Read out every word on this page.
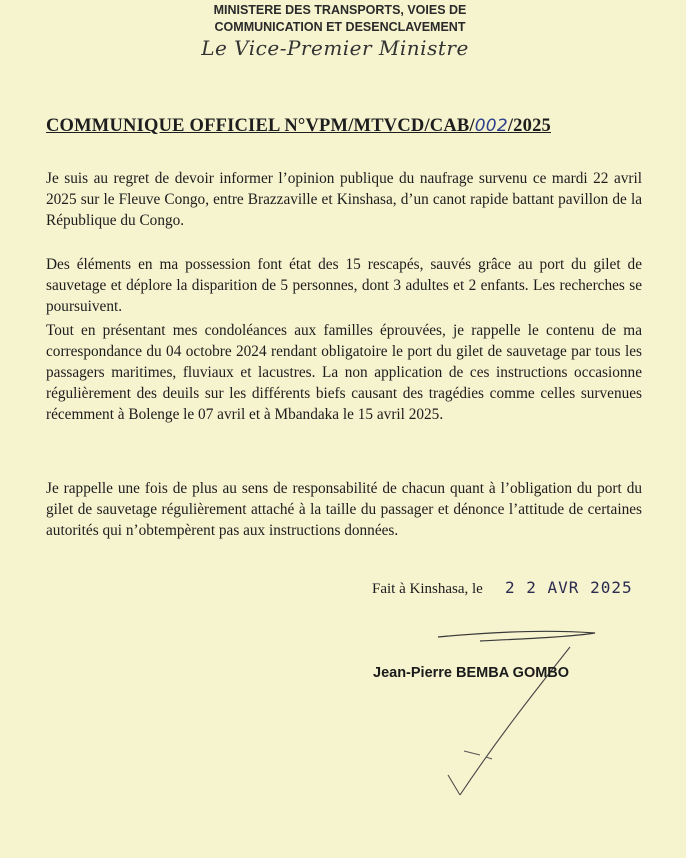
MINISTERE DES TRANSPORTS, VOIES DE
COMMUNICATION ET DESENCLAVEMENT
Le Vice-Premier Ministre
COMMUNIQUE OFFICIEL N°VPM/MTVCD/CAB/002/2025
Je suis au regret de devoir informer l’opinion publique du naufrage survenu ce mardi 22 avril 2025 sur le Fleuve Congo, entre Brazzaville et Kinshasa, d’un canot rapide battant pavillon de la République du Congo.
Des éléments en ma possession font état des 15 rescapés, sauvés grâce au port du gilet de sauvetage et déplore la disparition de 5 personnes, dont 3 adultes et 2 enfants. Les recherches se poursuivent.
Tout en présentant mes condoléances aux familles éprouvées, je rappelle le contenu de ma correspondance du 04 octobre 2024 rendant obligatoire le port du gilet de sauvetage par tous les passagers maritimes, fluviaux et lacustres. La non application de ces instructions occasionne régulièrement des deuils sur les différents biefs causant des tragédies comme celles survenues récemment à Bolenge le 07 avril et à Mbandaka le 15 avril 2025.
Je rappelle une fois de plus au sens de responsabilité de chacun quant à l’obligation du port du gilet de sauvetage régulièrement attaché à la taille du passager et dénonce l’attitude de certaines autorités qui n’obtempèrent pas aux instructions données.
Fait à Kinshasa, le 2 2 AVR 2025
Jean-Pierre BEMBA GOMBO
